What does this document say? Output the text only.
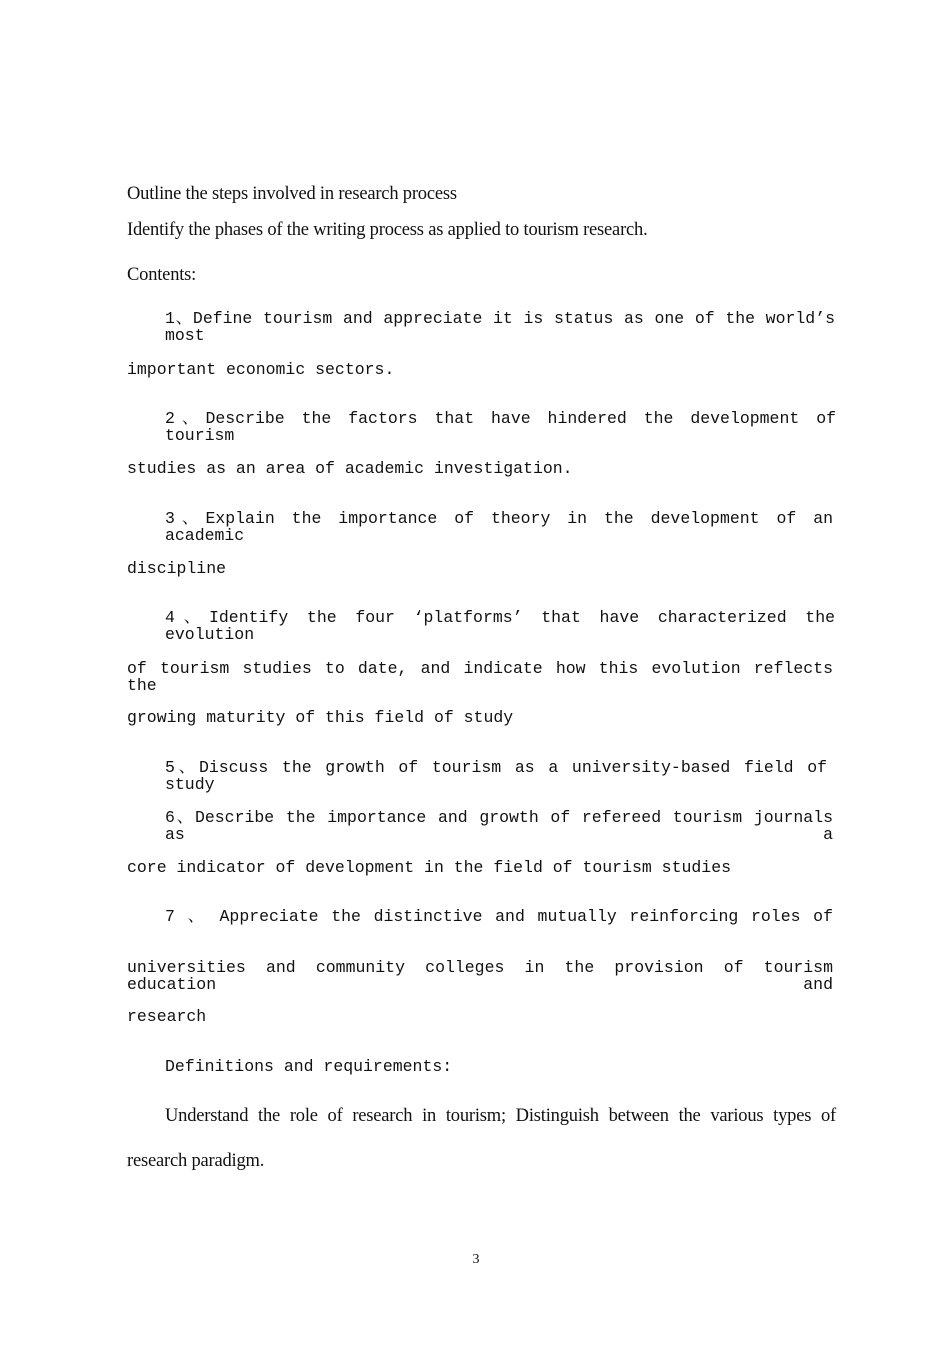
Outline the steps involved in research process
Identify the phases of the writing process as applied to tourism research.
Contents:
1、Define tourism and appreciate it is status as one of the world’s most
important economic sectors.
2、Describe the factors that have hindered the development of tourism
studies as an area of academic investigation.
3、Explain the importance of theory in the development of an academic
discipline
4、Identify the four ‘platforms’ that have characterized the evolution
of tourism studies to date, and indicate how this evolution reflects the
growing maturity of this field of study
5、Discuss the growth of tourism as a university-based field of study
6、Describe the importance and growth of refereed tourism journals as a
core indicator of development in the field of tourism studies
7 、 Appreciate the distinctive and mutually reinforcing roles of
universities and community colleges in the provision of tourism education and
research
Definitions and requirements:
Understand the role of research in tourism; Distinguish between the various types of
research paradigm.
3
